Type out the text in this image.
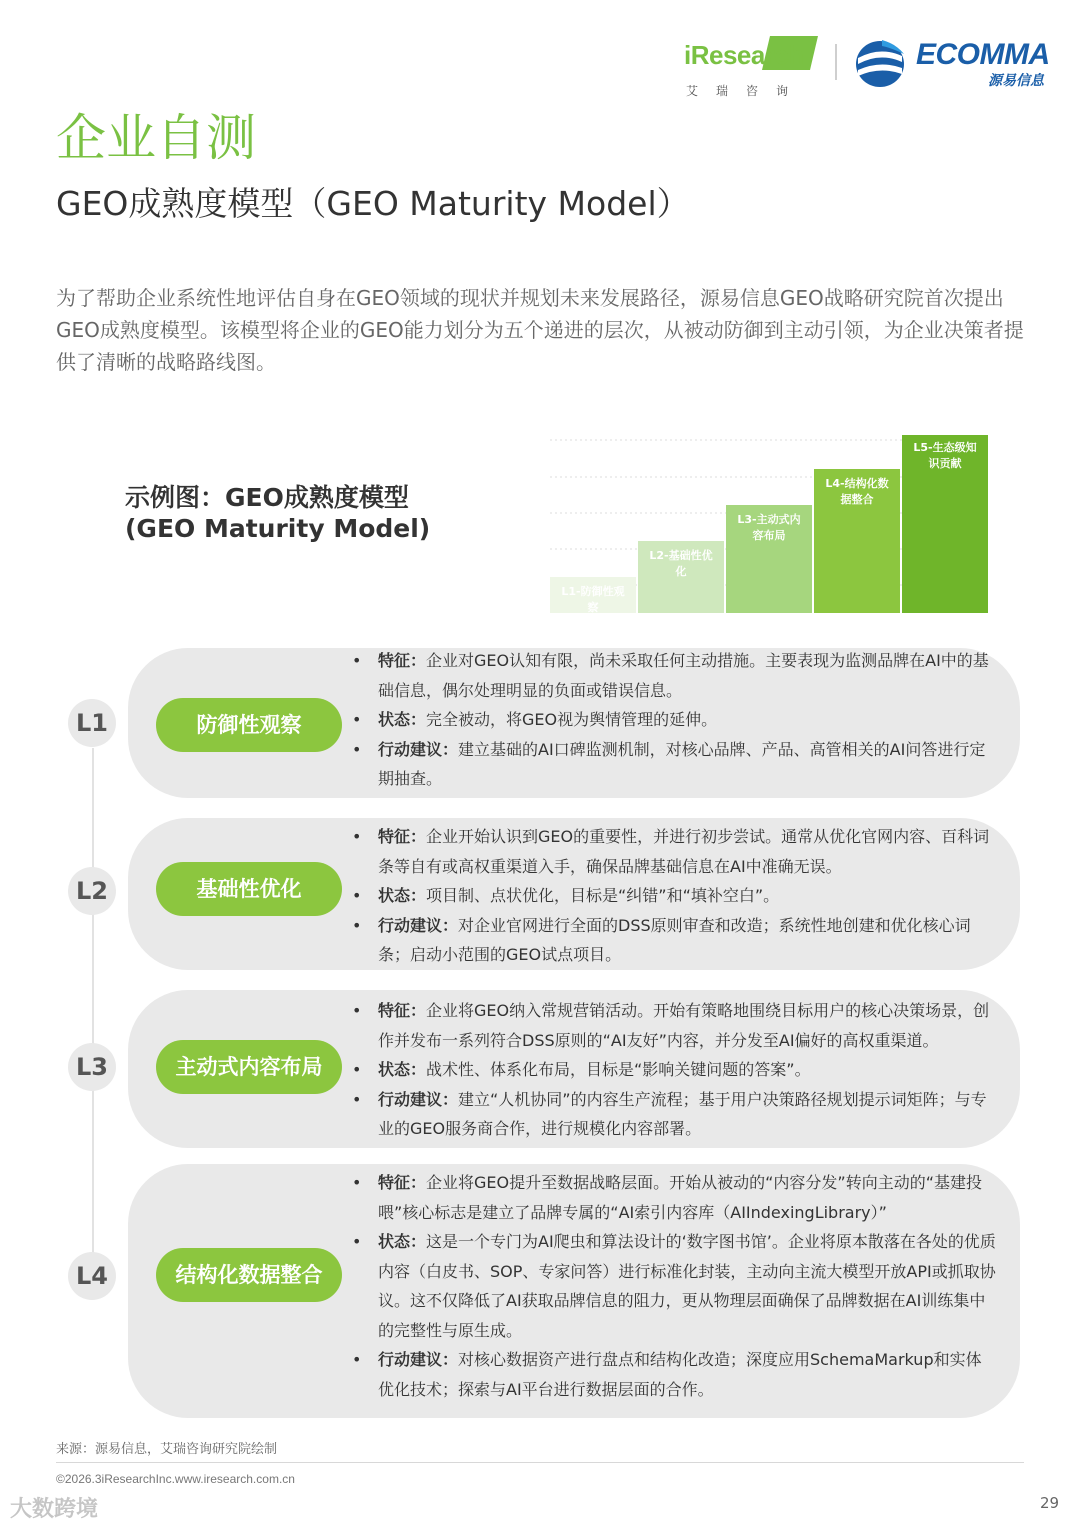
iResearch
艾瑞咨询
ECOMMA
源易信息
企业自测
GEO成熟度模型（GEO Maturity Model）
为了帮助企业系统性地评估自身在GEO领域的现状并规划未来发展路径，源易信息GEO战略研究院首次提出GEO成熟度模型。该模型将企业的GEO能力划分为五个递进的层次，从被动防御到主动引领，为企业决策者提供了清晰的战略路线图。
示例图：GEO成熟度模型
(GEO Maturity Model)
L1-防御性观察
L2-基础性优化
L3-主动式内容布局
L4-结构化数据整合
L5-生态级知识贡献
L1	防御性观察
• 特征：企业对GEO认知有限，尚未采取任何主动措施。主要表现为监测品牌在AI中的基础信息，偶尔处理明显的负面或错误信息。
• 状态：完全被动，将GEO视为舆情管理的延伸。
• 行动建议：建立基础的AI口碑监测机制，对核心品牌、产品、高管相关的AI问答进行定期抽查。
L2	基础性优化
• 特征：企业开始认识到GEO的重要性，并进行初步尝试。通常从优化官网内容、百科词条等自有或高权重渠道入手，确保品牌基础信息在AI中准确无误。
• 状态：项目制、点状优化，目标是“纠错”和“填补空白”。
• 行动建议：对企业官网进行全面的DSS原则审查和改造；系统性地创建和优化核心词条；启动小范围的GEO试点项目。
L3	主动式内容布局
• 特征：企业将GEO纳入常规营销活动。开始有策略地围绕目标用户的核心决策场景，创作并发布一系列符合DSS原则的“AI友好”内容，并分发至AI偏好的高权重渠道。
• 状态：战术性、体系化布局，目标是“影响关键问题的答案”。
• 行动建议：建立“人机协同”的内容生产流程；基于用户决策路径规划提示词矩阵；与专业的GEO服务商合作，进行规模化内容部署。
L4	结构化数据整合
• 特征：企业将GEO提升至数据战略层面。开始从被动的“内容分发”转向主动的“基建投喂”核心标志是建立了品牌专属的“AI索引内容库（AIIndexingLibrary）”
• 状态：这是一个专门为AI爬虫和算法设计的‘数字图书馆’。企业将原本散落在各处的优质内容（白皮书、SOP、专家问答）进行标准化封装，主动向主流大模型开放API或抓取协议。这不仅降低了AI获取品牌信息的阻力，更从物理层面确保了品牌数据在AI训练集中的完整性与原生成。
• 行动建议：对核心数据资产进行盘点和结构化改造；深度应用SchemaMarkup和实体优化技术；探索与AI平台进行数据层面的合作。
来源：源易信息，艾瑞咨询研究院绘制
©2026.3iResearchInc.www.iresearch.com.cn
大数跨境	29
